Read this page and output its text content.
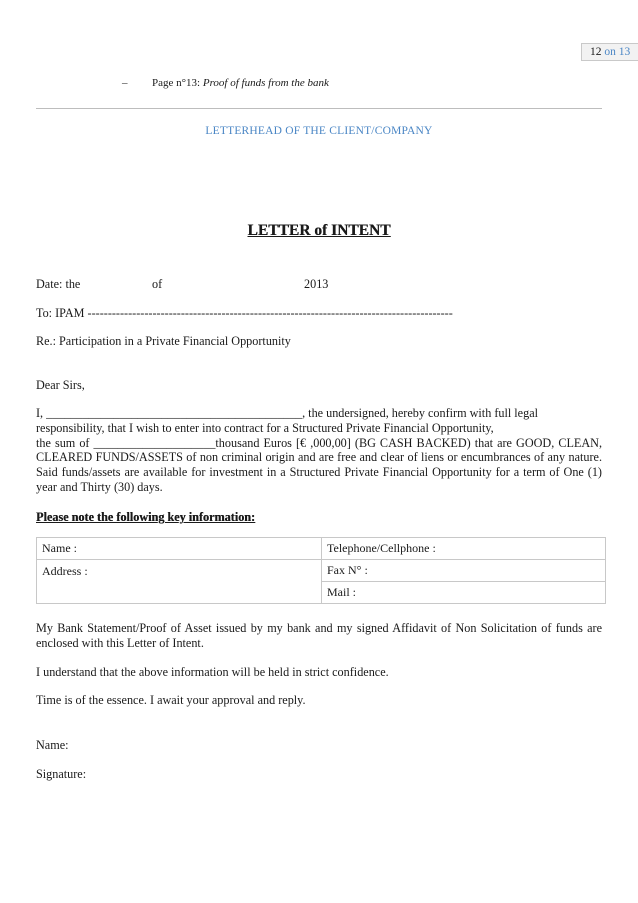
12 on 13
– Page n°13: Proof of funds from the bank
LETTERHEAD OF THE CLIENT/COMPANY
LETTER of INTENT
Date: the	of	2013
To: IPAM ------------------------------------------------------------------------------------------
Re.: Participation in a Private Financial Opportunity
Dear Sirs,
I, __________________________________________, the undersigned, hereby confirm with full legal
responsibility, that I wish to enter into contract for a Structured Private Financial Opportunity,
the sum of ____________________thousand Euros [€ ,000,00] (BG CASH BACKED) that are GOOD, CLEAN, CLEARED FUNDS/ASSETS of non criminal origin and are free and clear of liens or encumbrances of any nature. Said funds/assets are available for investment in a Structured Private Financial Opportunity for a term of One (1) year and Thirty (30) days.
Please note the following key information:
Name :	Telephone/Cellphone :
Address :	Fax N° :
	Mail :
My Bank Statement/Proof of Asset issued by my bank and my signed Affidavit of Non Solicitation of funds are enclosed with this Letter of Intent.
I understand that the above information will be held in strict confidence.
Time is of the essence. I await your approval and reply.
Name:
Signature:
